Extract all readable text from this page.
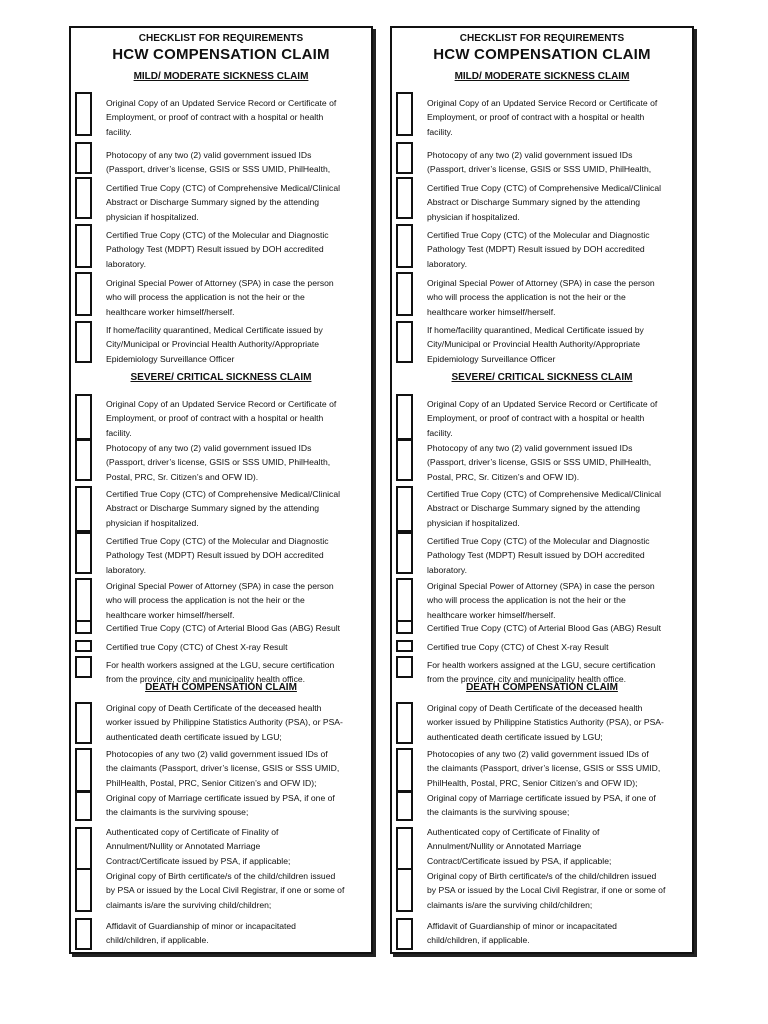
CHECKLIST FOR REQUIREMENTS
HCW COMPENSATION CLAIM
MILD/ MODERATE SICKNESS CLAIM
SEVERE/ CRITICAL SICKNESS CLAIM
DEATH COMPENSATION CLAIM
Original Copy of an Updated Service Record or Certificate of
Employment, or proof of contract with a hospital or health
facility.
Photocopy of any two (2) valid government issued IDs
(Passport, driver’s license, GSIS or SSS UMID, PhilHealth,
Certified True Copy (CTC) of Comprehensive Medical/Clinical
Abstract or Discharge Summary signed by the attending
physician if hospitalized.
Certified True Copy (CTC) of the Molecular and Diagnostic
Pathology Test (MDPT) Result issued by DOH accredited
laboratory.
Original Special Power of Attorney (SPA) in case the person
who will process the application is not the heir or the
healthcare worker himself/herself.
If home/facility quarantined, Medical Certificate issued by
City/Municipal or Provincial Health Authority/Appropriate
Epidemiology Surveillance Officer
Original Copy of an Updated Service Record or Certificate of
Employment, or proof of contract with a hospital or health
facility.
Photocopy of any two (2) valid government issued IDs
(Passport, driver’s license, GSIS or SSS UMID, PhilHealth,
Postal, PRC, Sr. Citizen’s and OFW ID).
Certified True Copy (CTC) of Comprehensive Medical/Clinical
Abstract or Discharge Summary signed by the attending
physician if hospitalized.
Certified True Copy (CTC) of the Molecular and Diagnostic
Pathology Test (MDPT) Result issued by DOH accredited
laboratory.
Original Special Power of Attorney (SPA) in case the person
who will process the application is not the heir or the
healthcare worker himself/herself.
Certified True Copy (CTC) of Arterial Blood Gas (ABG) Result
Certified true Copy (CTC) of Chest X-ray Result
For health workers assigned at the LGU, secure certification
from the province, city and municipality health office.
Original copy of Death Certificate of the deceased health
worker issued by Philippine Statistics Authority (PSA), or PSA-
authenticated death certificate issued by LGU;
Photocopies of any two (2) valid government issued IDs of
the claimants (Passport, driver’s license, GSIS or SSS UMID,
PhilHealth, Postal, PRC, Senior Citizen’s and OFW ID);
Original copy of Marriage certificate issued by PSA, if one of
the claimants is the surviving spouse;
Authenticated copy of Certificate of Finality of
Annulment/Nullity or Annotated Marriage
Contract/Certificate issued by PSA, if applicable;
Original copy of Birth certificate/s of the child/children issued
by PSA or issued by the Local Civil Registrar, if one or some of
claimants is/are the surviving child/children;
Affidavit of Guardianship of minor or incapacitated
child/children, if applicable.
CHECKLIST FOR REQUIREMENTS
HCW COMPENSATION CLAIM
MILD/ MODERATE SICKNESS CLAIM
SEVERE/ CRITICAL SICKNESS CLAIM
DEATH COMPENSATION CLAIM
Original Copy of an Updated Service Record or Certificate of
Employment, or proof of contract with a hospital or health
facility.
Photocopy of any two (2) valid government issued IDs
(Passport, driver’s license, GSIS or SSS UMID, PhilHealth,
Certified True Copy (CTC) of Comprehensive Medical/Clinical
Abstract or Discharge Summary signed by the attending
physician if hospitalized.
Certified True Copy (CTC) of the Molecular and Diagnostic
Pathology Test (MDPT) Result issued by DOH accredited
laboratory.
Original Special Power of Attorney (SPA) in case the person
who will process the application is not the heir or the
healthcare worker himself/herself.
If home/facility quarantined, Medical Certificate issued by
City/Municipal or Provincial Health Authority/Appropriate
Epidemiology Surveillance Officer
Original Copy of an Updated Service Record or Certificate of
Employment, or proof of contract with a hospital or health
facility.
Photocopy of any two (2) valid government issued IDs
(Passport, driver’s license, GSIS or SSS UMID, PhilHealth,
Postal, PRC, Sr. Citizen’s and OFW ID).
Certified True Copy (CTC) of Comprehensive Medical/Clinical
Abstract or Discharge Summary signed by the attending
physician if hospitalized.
Certified True Copy (CTC) of the Molecular and Diagnostic
Pathology Test (MDPT) Result issued by DOH accredited
laboratory.
Original Special Power of Attorney (SPA) in case the person
who will process the application is not the heir or the
healthcare worker himself/herself.
Certified True Copy (CTC) of Arterial Blood Gas (ABG) Result
Certified true Copy (CTC) of Chest X-ray Result
For health workers assigned at the LGU, secure certification
from the province, city and municipality health office.
Original copy of Death Certificate of the deceased health
worker issued by Philippine Statistics Authority (PSA), or PSA-
authenticated death certificate issued by LGU;
Photocopies of any two (2) valid government issued IDs of
the claimants (Passport, driver’s license, GSIS or SSS UMID,
PhilHealth, Postal, PRC, Senior Citizen’s and OFW ID);
Original copy of Marriage certificate issued by PSA, if one of
the claimants is the surviving spouse;
Authenticated copy of Certificate of Finality of
Annulment/Nullity or Annotated Marriage
Contract/Certificate issued by PSA, if applicable;
Original copy of Birth certificate/s of the child/children issued
by PSA or issued by the Local Civil Registrar, if one or some of
claimants is/are the surviving child/children;
Affidavit of Guardianship of minor or incapacitated
child/children, if applicable.
